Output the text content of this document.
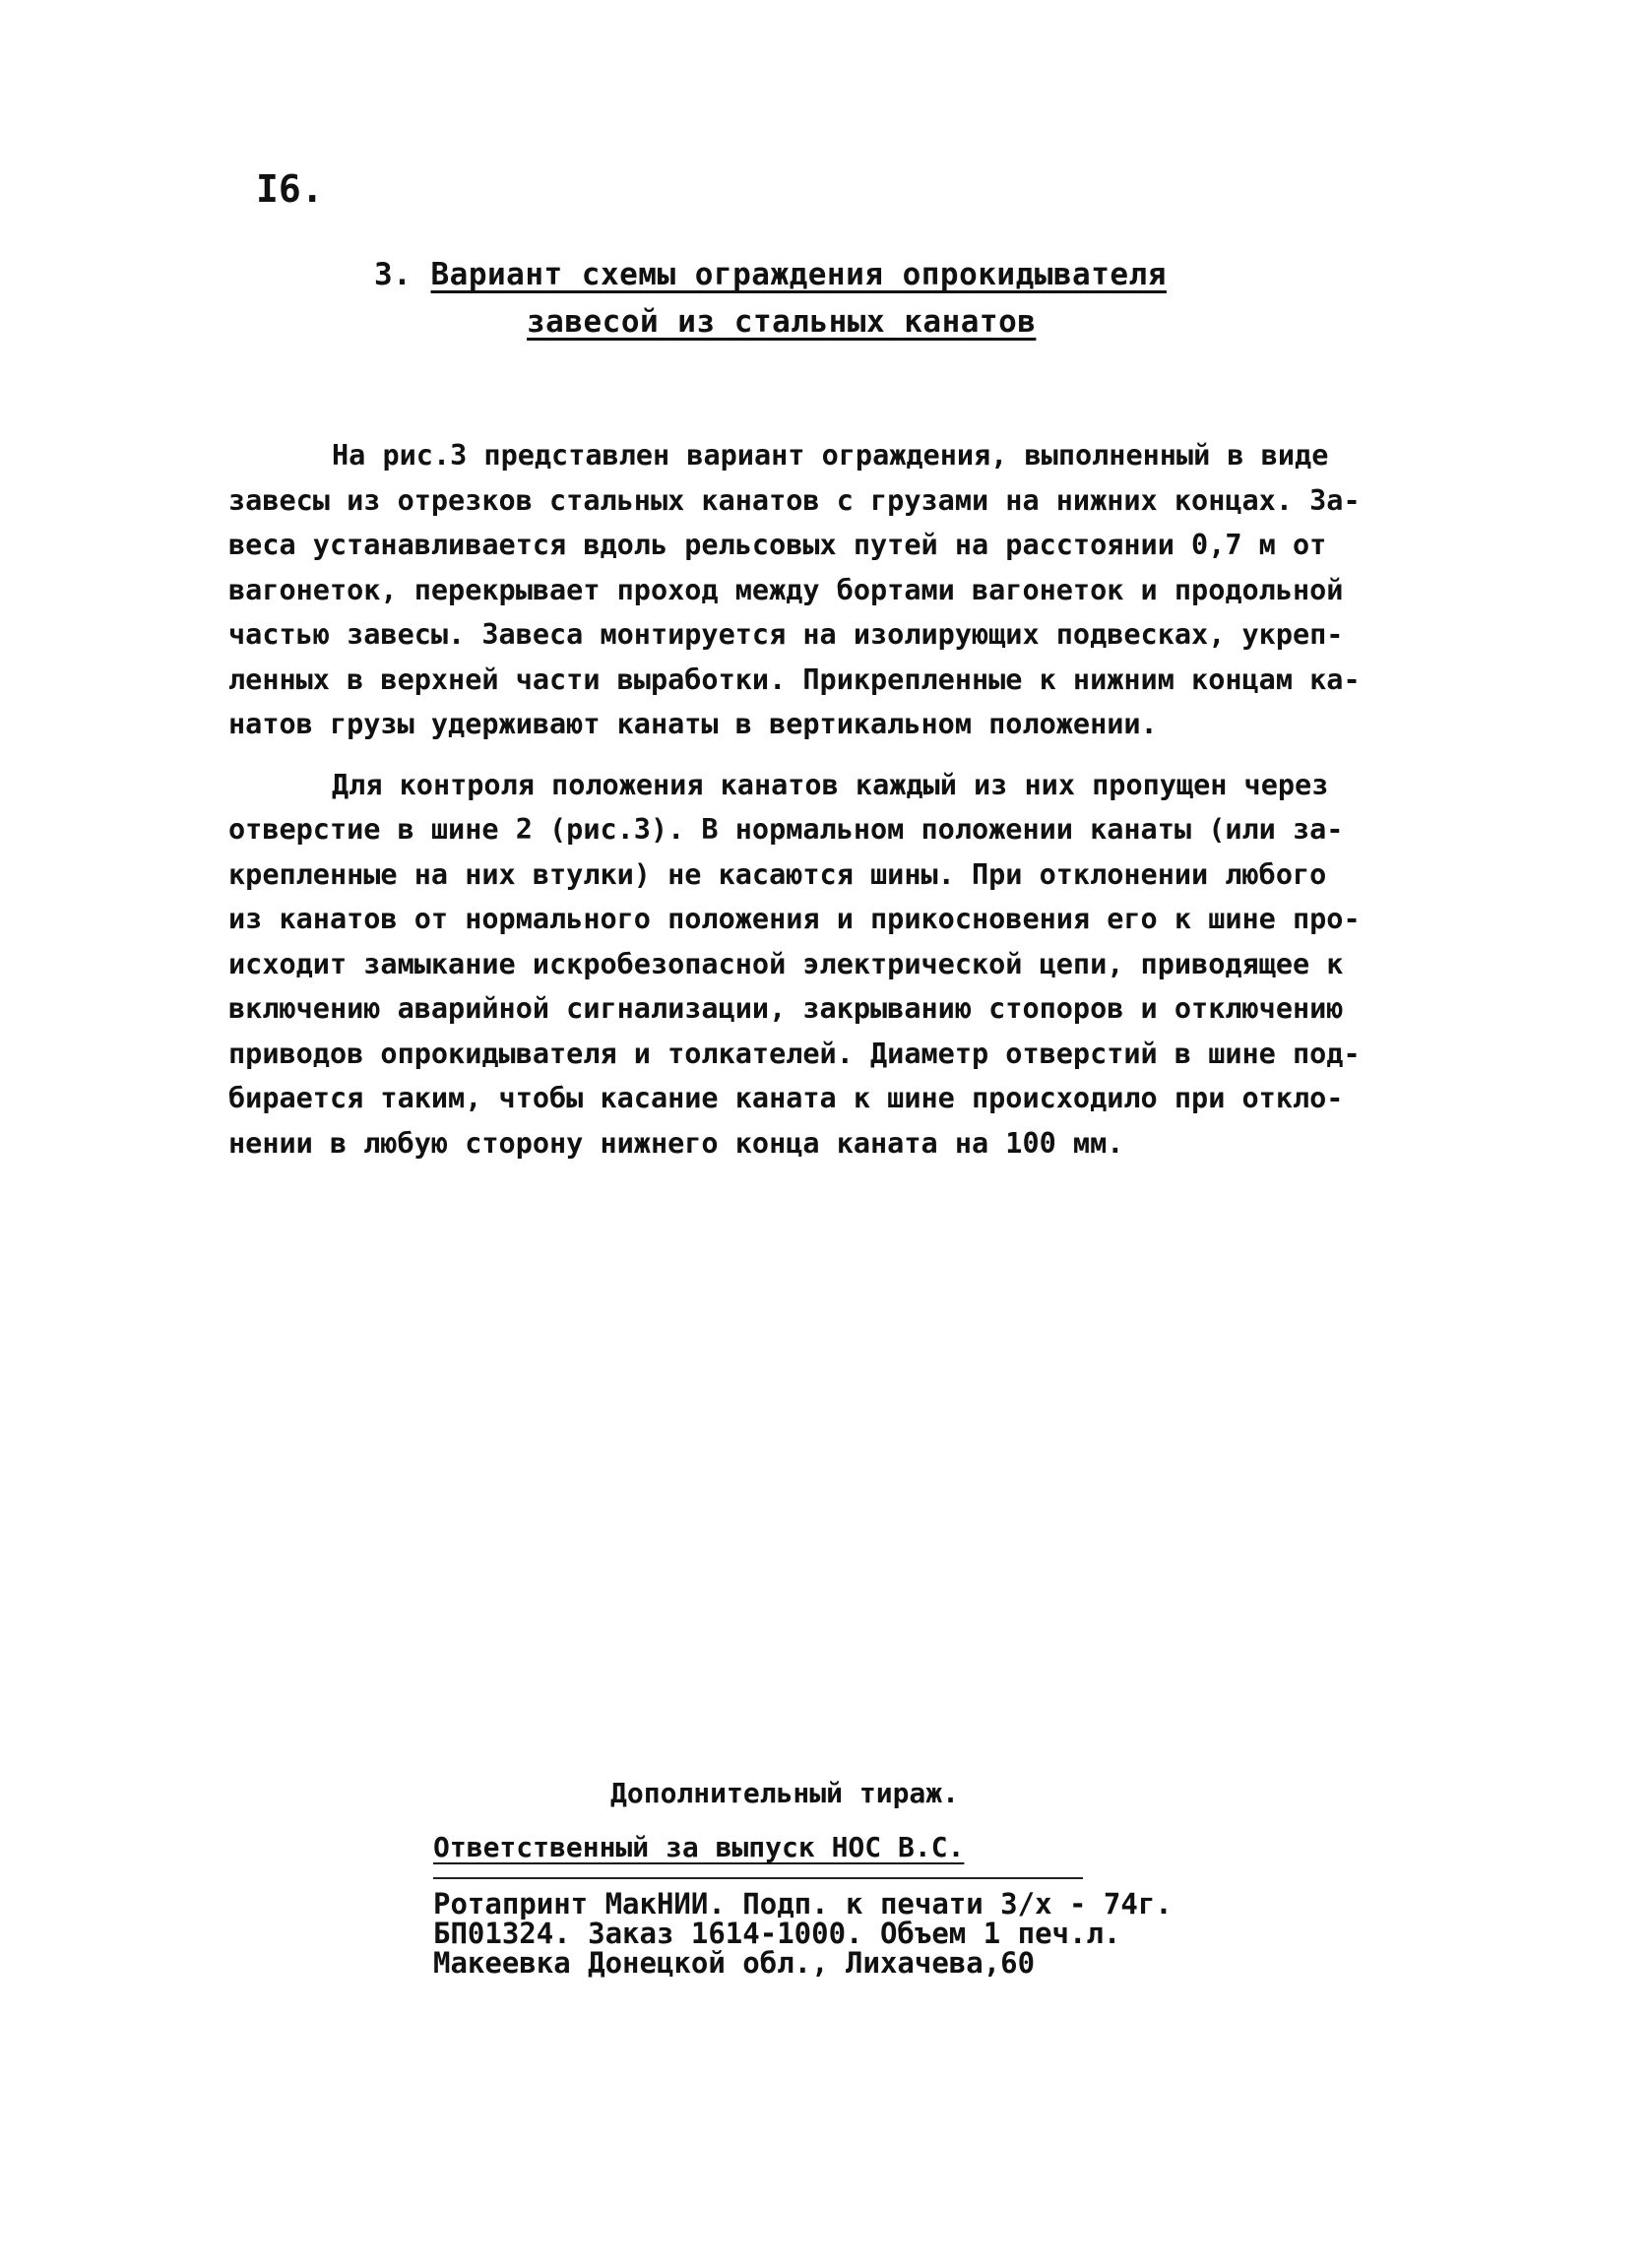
I6.
3. Вариант схемы ограждения опрокидывателя
завесой из стальных канатов

На рис.3 представлен вариант ограждения, выполненный в виде
завесы из отрезков стальных канатов с грузами на нижних концах. За-
веса устанавливается вдоль рельсовых путей на расстоянии 0,7 м от
вагонеток, перекрывает проход между бортами вагонеток и продольной
частью завесы. Завеса монтируется на изолирующих подвесках, укреп-
ленных в верхней части выработки. Прикрепленные к нижним концам ка-
натов грузы удерживают канаты в вертикальном положении.

Для контроля положения канатов каждый из них пропущен через
отверстие в шине 2 (рис.3). В нормальном положении канаты (или за-
крепленные на них втулки) не касаются шины. При отклонении любого
из канатов от нормального положения и прикосновения его к шине про-
исходит замыкание искробезопасной электрической цепи, приводящее к
включению аварийной сигнализации, закрыванию стопоров и отключению
приводов опрокидывателя и толкателей. Диаметр отверстий в шине под-
бирается таким, чтобы касание каната к шине происходило при откло-
нении в любую сторону нижнего конца каната на 100 мм.

Дополнительный тираж.
Ответственный за выпуск НОС В.С.
Ротапринт МакНИИ. Подп. к печати 3/х - 74г.
БП01324. Заказ 1614-1000. Объем 1 печ.л.
Макеевка Донецкой обл., Лихачева,60
